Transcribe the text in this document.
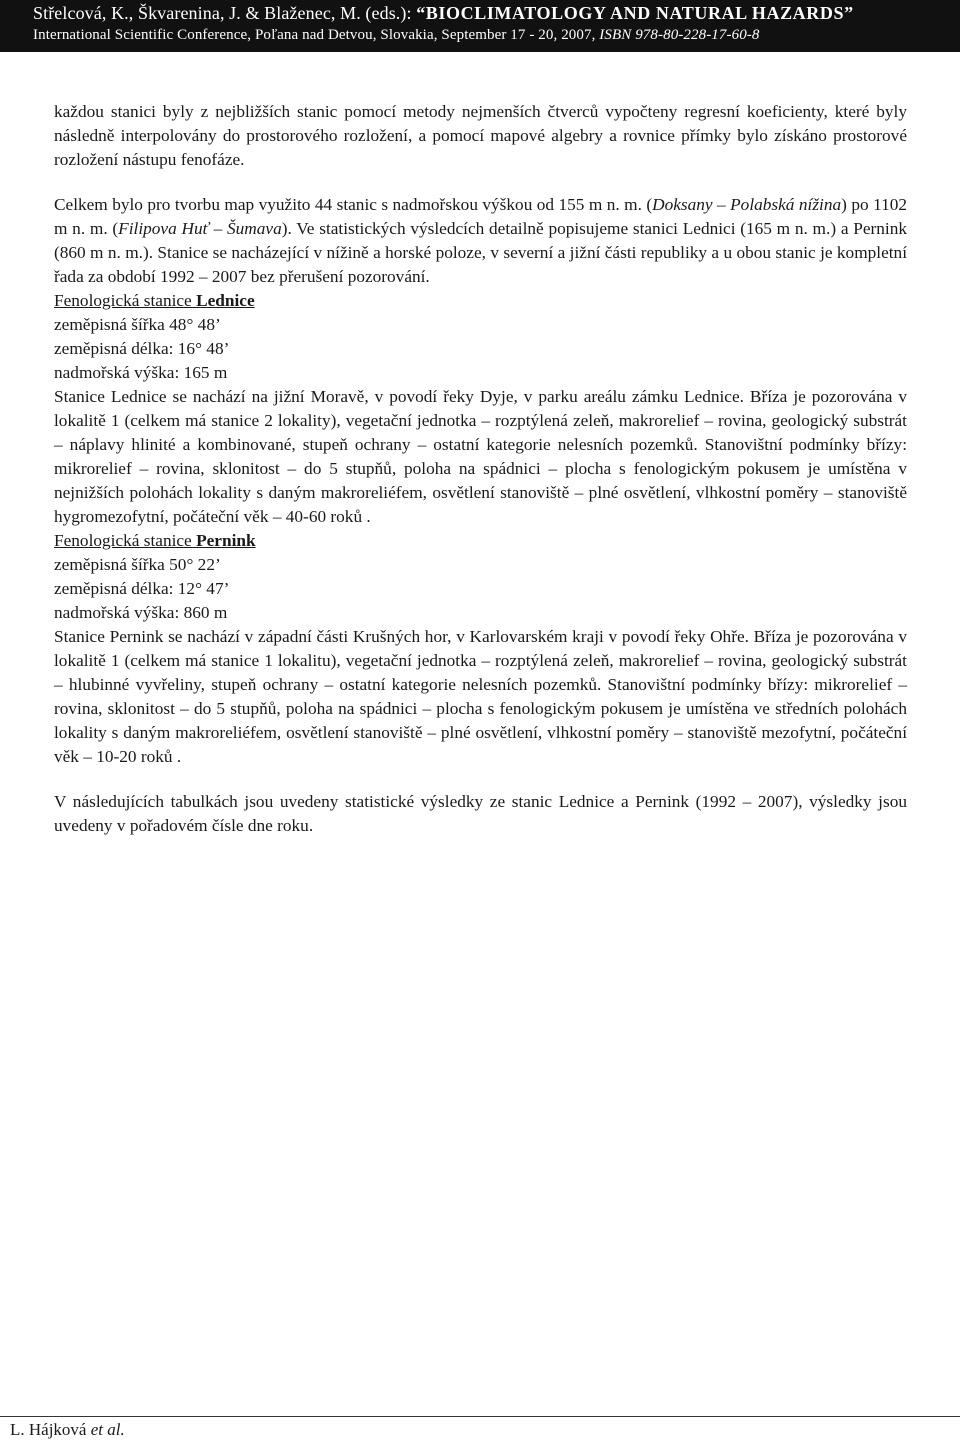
Střelcová, K., Škvarenina, J. & Blaženec, M. (eds.): “BIOCLIMATOLOGY AND NATURAL HAZARDS”
International Scientific Conference, Poľana nad Detvou, Slovakia, September 17 - 20, 2007, ISBN 978-80-228-17-60-8

každou stanici byly z nejbližších stanic pomocí metody nejmenších čtverců vypočteny regresní koeficienty, které byly následně interpolovány do prostorového rozložení, a pomocí mapové algebry a rovnice přímky bylo získáno prostorové rozložení nástupu fenofáze.

Celkem bylo pro tvorbu map využito 44 stanic s nadmořskou výškou od 155 m n. m. (Doksany – Polabská nížina) po 1102 m n. m. (Filipova Huť – Šumava). Ve statistických výsledcích detailně popisujeme stanici Lednici (165 m n. m.) a Pernink (860 m n. m.). Stanice se nacházející v nížině a horské poloze, v severní a jižní části republiky a u obou stanic je kompletní řada za období 1992 – 2007 bez přerušení pozorování.

Fenologická stanice Lednice

zeměpisná šířka 48° 48’

zeměpisná délka: 16° 48’

nadmořská výška: 165 m

Stanice Lednice se nachází na jižní Moravě, v povodí řeky Dyje, v parku areálu zámku Lednice. Bříza je pozorována v lokalitě 1 (celkem má stanice 2 lokality), vegetační jednotka – rozptýlená zeleň, makrorelief – rovina, geologický substrát – náplavy hlinité a kombinované, stupeň ochrany – ostatní kategorie nelesních pozemků. Stanovištní podmínky břízy: mikrorelief – rovina, sklonitost – do 5 stupňů, poloha na spádnici – plocha s fenologickým pokusem je umístěna v nejnižších polohách lokality s daným makroreliéfem, osvětlení stanoviště – plné osvětlení, vlhkostní poměry – stanoviště hygromezofytní, počáteční věk – 40-60 roků .

Fenologická stanice Pernink

zeměpisná šířka 50° 22’

zeměpisná délka: 12° 47’

nadmořská výška: 860 m

Stanice Pernink se nachází v západní části Krušných hor, v Karlovarském kraji v povodí řeky Ohře. Bříza je pozorována v lokalitě 1 (celkem má stanice 1 lokalitu), vegetační jednotka – rozptýlená zeleň, makrorelief – rovina, geologický substrát – hlubinné vyvřeliny, stupeň ochrany – ostatní kategorie nelesních pozemků. Stanovištní podmínky břízy: mikrorelief – rovina, sklonitost – do 5 stupňů, poloha na spádnici – plocha s fenologickým pokusem je umístěna ve středních polohách lokality s daným makroreliéfem, osvětlení stanoviště – plné osvětlení, vlhkostní poměry – stanoviště mezofytní, počáteční věk – 10-20 roků .

V následujících tabulkách jsou uvedeny statistické výsledky ze stanic Lednice a Pernink (1992 – 2007), výsledky jsou uvedeny v pořadovém čísle dne roku.

L. Hájková et al.
